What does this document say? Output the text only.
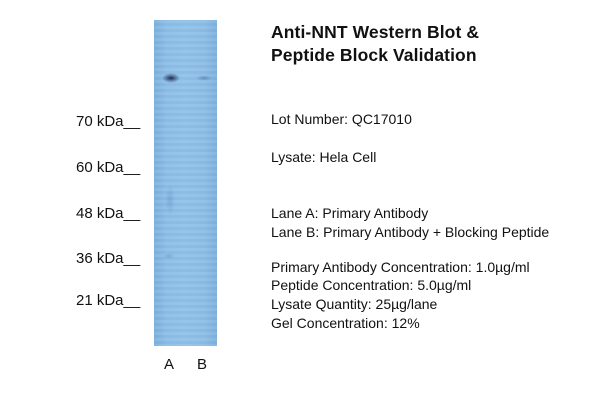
Anti-NNT Western Blot &
Peptide Block Validation
70 kDa__
60 kDa__
48 kDa__
36 kDa__
21 kDa__
A B
Lot Number: QC17010
Lysate: Hela Cell
Lane A: Primary Antibody
Lane B: Primary Antibody + Blocking Peptide
Primary Antibody Concentration: 1.0µg/ml
Peptide Concentration: 5.0µg/ml
Lysate Quantity: 25µg/lane
Gel Concentration: 12%
